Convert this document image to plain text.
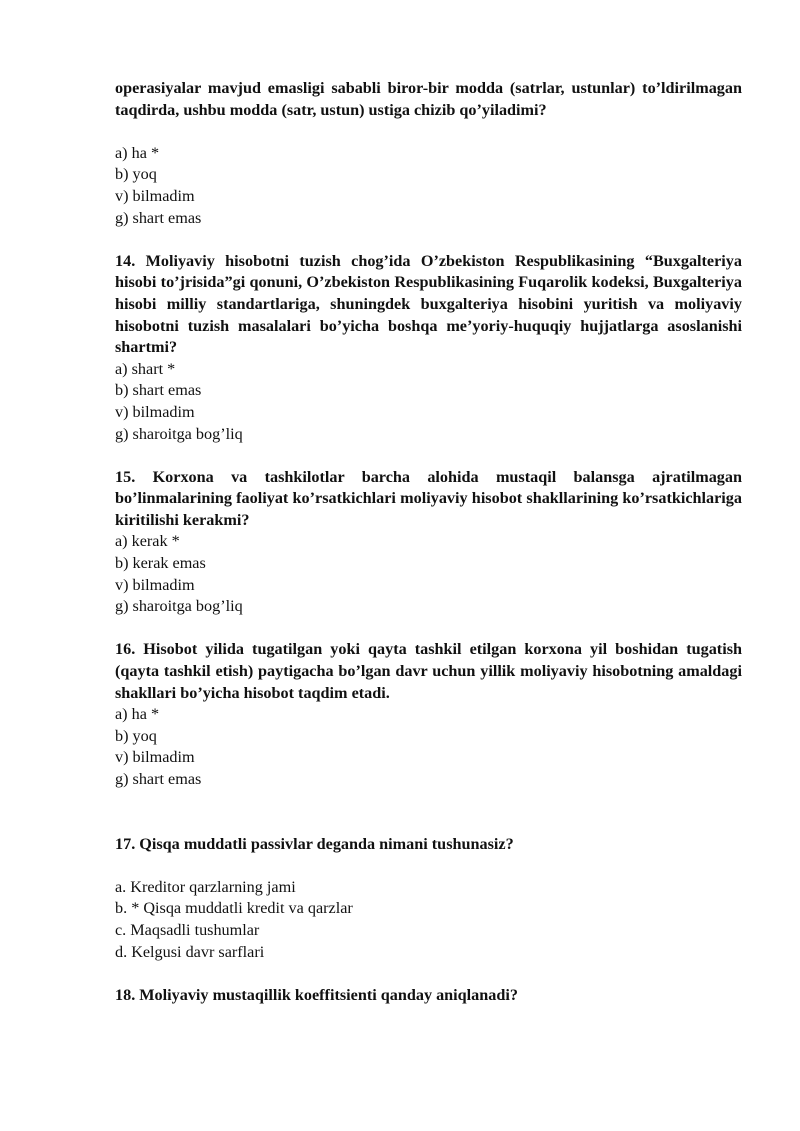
operasiyalar mavjud emasligi sababli biror-bir modda (satrlar, ustunlar) to’ldirilmagan taqdirda, ushbu modda (satr, ustun) ustiga chizib qo’yiladimi?

a) ha *
b) yoq
v) bilmadim
g) shart emas

14. Moliyaviy hisobotni tuzish chog’ida O’zbekiston Respublikasining “Buxgalteriya hisobi to’jrisida”gi qonuni, O’zbekiston Respublikasining Fuqarolik kodeksi, Buxgalteriya hisobi milliy standartlariga, shuningdek buxgalteriya hisobini yuritish va moliyaviy hisobotni tuzish masalalari bo’yicha boshqa me’yoriy-huquqiy hujjatlarga asoslanishi shartmi?

a) shart *
b) shart emas
v) bilmadim
g) sharoitga bog’liq

15. Korxona va tashkilotlar barcha alohida mustaqil balansga ajratilmagan bo’linmalarining faoliyat ko’rsatkichlari moliyaviy hisobot shakllarining ko’rsatkichlariga kiritilishi kerakmi?

a) kerak *
b) kerak emas
v) bilmadim
g) sharoitga bog’liq

16. Hisobot yilida tugatilgan yoki qayta tashkil etilgan korxona yil boshidan tugatish (qayta tashkil etish) paytigacha bo’lgan davr uchun yillik moliyaviy hisobotning amaldagi shakllari bo’yicha hisobot taqdim etadi.

a) ha *
b) yoq
v) bilmadim
g) shart emas

17. Qisqa muddatli passivlar deganda nimani tushunasiz?

a. Kreditor qarzlarning jami
b. * Qisqa muddatli kredit va qarzlar
c. Maqsadli tushumlar
d. Kelgusi davr sarflari

18. Moliyaviy mustaqillik koeffitsienti qanday aniqlanadi?
